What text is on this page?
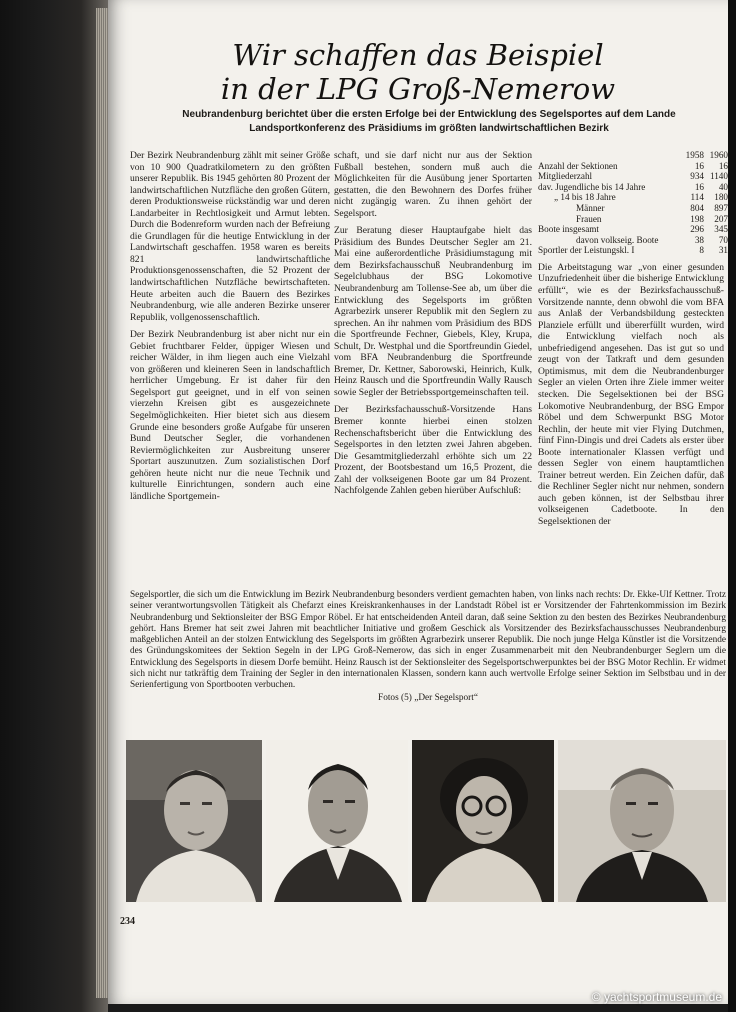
Wir schaffen das Beispiel
in der LPG Groß-Nemerow
Neubrandenburg berichtet über die ersten Erfolge bei der Entwicklung des Segelsportes auf dem Lande
Landsportkonferenz des Präsidiums im größten landwirtschaftlichen Bezirk

Der Bezirk Neubrandenburg zählt mit seiner Größe von 10 900 Quadratkilometern zu den größten unserer Republik. Bis 1945 gehörten 80 Prozent der landwirtschaftlichen Nutzfläche den großen Gütern, deren Produktionsweise rückständig war und deren Landarbeiter in Rechtlosigkeit und Armut lebten. Durch die Bodenreform wurden nach der Befreiung die Grundlagen für die heutige Entwicklung in der Landwirtschaft geschaffen. 1958 waren es bereits 821 landwirtschaftliche Produktionsgenossenschaften, die 52 Prozent der landwirtschaftlichen Nutzfläche bewirtschafteten. Heute arbeiten auch die Bauern des Bezirkes Neubrandenburg, wie alle anderen Bezirke unserer Republik, vollgenossenschaftlich.

Der Bezirk Neubrandenburg ist aber nicht nur ein Gebiet fruchtbarer Felder, üppiger Wiesen und reicher Wälder, in ihm liegen auch eine Vielzahl von größeren und kleineren Seen in landschaftlich herrlicher Umgebung. Er ist daher für den Segelsport gut geeignet, und in elf von seinen vierzehn Kreisen gibt es ausgezeichnete Segelmöglichkeiten. Hier bietet sich aus diesem Grunde eine besonders große Aufgabe für unseren Bund Deutscher Segler, die vorhandenen Reviermöglichkeiten zur Ausbreitung unserer Sportart auszunutzen. Zum sozialistischen Dorf gehören heute nicht nur die neue Technik und kulturelle Einrichtungen, sondern auch eine ländliche Sportgemein-

schaft, und sie darf nicht nur aus der Sektion Fußball bestehen, sondern muß auch die Möglichkeiten für die Ausübung jener Sportarten gestatten, die den Bewohnern des Dorfes früher nicht zugängig waren. Zu ihnen gehört der Segelsport.

Zur Beratung dieser Hauptaufgabe hielt das Präsidium des Bundes Deutscher Segler am 21. Mai eine außerordentliche Präsidiumstagung mit dem Bezirksfachausschuß Neubrandenburg im Segelclubhaus der BSG Lokomotive Neubrandenburg am Tollense-See ab, um über die Entwicklung des Segelsports im größten Agrarbezirk unserer Republik mit den Seglern zu sprechen. An ihr nahmen vom Präsidium des BDS die Sportfreunde Fechner, Giebels, Kley, Krupa, Schult, Dr. Westphal und die Sportfreundin Giedel, vom BFA Neubrandenburg die Sportfreunde Bremer, Dr. Kettner, Saborowski, Heinrich, Kulk, Heinz Rausch und die Sportfreundin Wally Rausch sowie Segler der Betriebssportgemeinschaften teil.

Der Bezirksfachausschuß-Vorsitzende Hans Bremer konnte hierbei einen stolzen Rechenschaftsbericht über die Entwicklung des Segelsportes in den letzten zwei Jahren abgeben. Die Gesamtmitgliederzahl erhöhte sich um 22 Prozent, der Bootsbestand um 16,5 Prozent, die Zahl der volkseigenen Boote gar um 84 Prozent. Nachfolgende Zahlen geben hierüber Aufschluß:

	1958	1960
Anzahl der Sektionen	16	16
Mitgliederzahl	934	1140
dav. Jugendliche bis 14 Jahre	16	40
„ 14 bis 18 Jahre	114	180
Männer	804	897
Frauen	198	207
Boote insgesamt	296	345
davon volkseig. Boote	38	70
Sportler der Leistungskl. I	8	31

Die Arbeitstagung war „von einer gesunden Unzufriedenheit über die bisherige Entwicklung erfüllt“, wie es der Bezirksfachausschuß-Vorsitzende nannte, denn obwohl die vom BFA aus Anlaß der Verbandsbildung gesteckten Planziele erfüllt und übererfüllt wurden, wird die Entwicklung vielfach noch als unbefriedigend angesehen. Das ist gut so und zeugt von der Tatkraft und dem gesunden Optimismus, mit dem die Neubrandenburger Segler an vielen Orten ihre Ziele immer weiter stecken. Die Segelsektionen bei der BSG Lokomotive Neubrandenburg, der BSG Empor Röbel und dem Schwerpunkt BSG Motor Rechlin, der heute mit vier Flying Dutchmen, fünf Finn-Dingis und drei Cadets als erster über Boote internationaler Klassen verfügt und dessen Segler von einem hauptamtlichen Trainer betreut werden. Ein Zeichen dafür, daß die Rechliner Segler nicht nur nehmen, sondern auch geben können, ist der Selbstbau ihrer volkseigenen Cadetboote. In den Segelsektionen der

Segelsportler, die sich um die Entwicklung im Bezirk Neubrandenburg besonders verdient gemachten haben, von links nach rechts: Dr. Ekke-Ulf Kettner. Trotz seiner verantwortungsvollen Tätigkeit als Chefarzt eines Kreiskrankenhauses in der Landstadt Röbel ist er Vorsitzender der Fahrtenkommission im Bezirk Neubrandenburg und Sektionsleiter der BSG Empor Röbel. Er hat entscheidenden Anteil daran, daß seine Sektion zu den besten des Bezirkes Neubrandenburg gehört. Hans Bremer hat seit zwei Jahren mit beachtlicher Initiative und großem Geschick als Vorsitzender des Bezirksfachausschusses Neubrandenburg maßgeblichen Anteil an der stolzen Entwicklung des Segelsports im größten Agrarbezirk unserer Republik. Die noch junge Helga Künstler ist die Vorsitzende des Gründungskomitees der Sektion Segeln in der LPG Groß-Nemerow, das sich in enger Zusammenarbeit mit den Neubrandenburger Seglern um die Entwicklung des Segelsports in diesem Dorfe bemüht. Heinz Rausch ist der Sektionsleiter des Segelsportschwerpunktes bei der BSG Motor Rechlin. Er widmet sich nicht nur tatkräftig dem Training der Segler in den internationalen Klassen, sondern kann auch wertvolle Erfolge seiner Sektion im Selbstbau und in der Serienfertigung von Sportbooten verbuchen.

Fotos (5) „Der Segelsport“

234
© yachtsportmuseum.de
